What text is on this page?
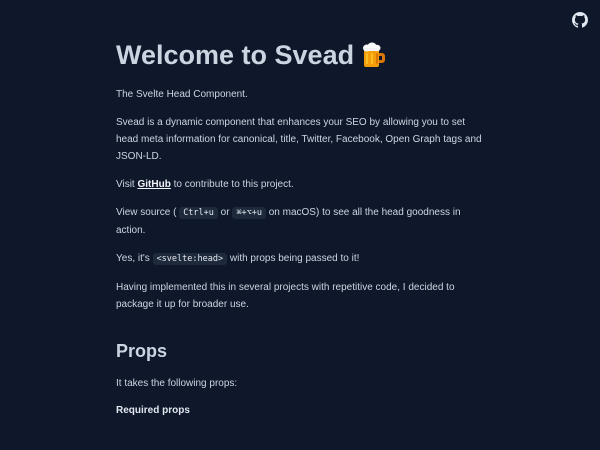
Welcome to Svead

The Svelte Head Component.

Svead is a dynamic component that enhances your SEO by allowing you to set head meta information for canonical, title, Twitter, Facebook, Open Graph tags and JSON-LD.

Visit GitHub to contribute to this project.

View source ( Ctrl+u or ⌘+⌥+u on macOS) to see all the head goodness in action.

Yes, it's <svelte:head> with props being passed to it!

Having implemented this in several projects with repetitive code, I decided to package it up for broader use.

Props

It takes the following props:

Required props
